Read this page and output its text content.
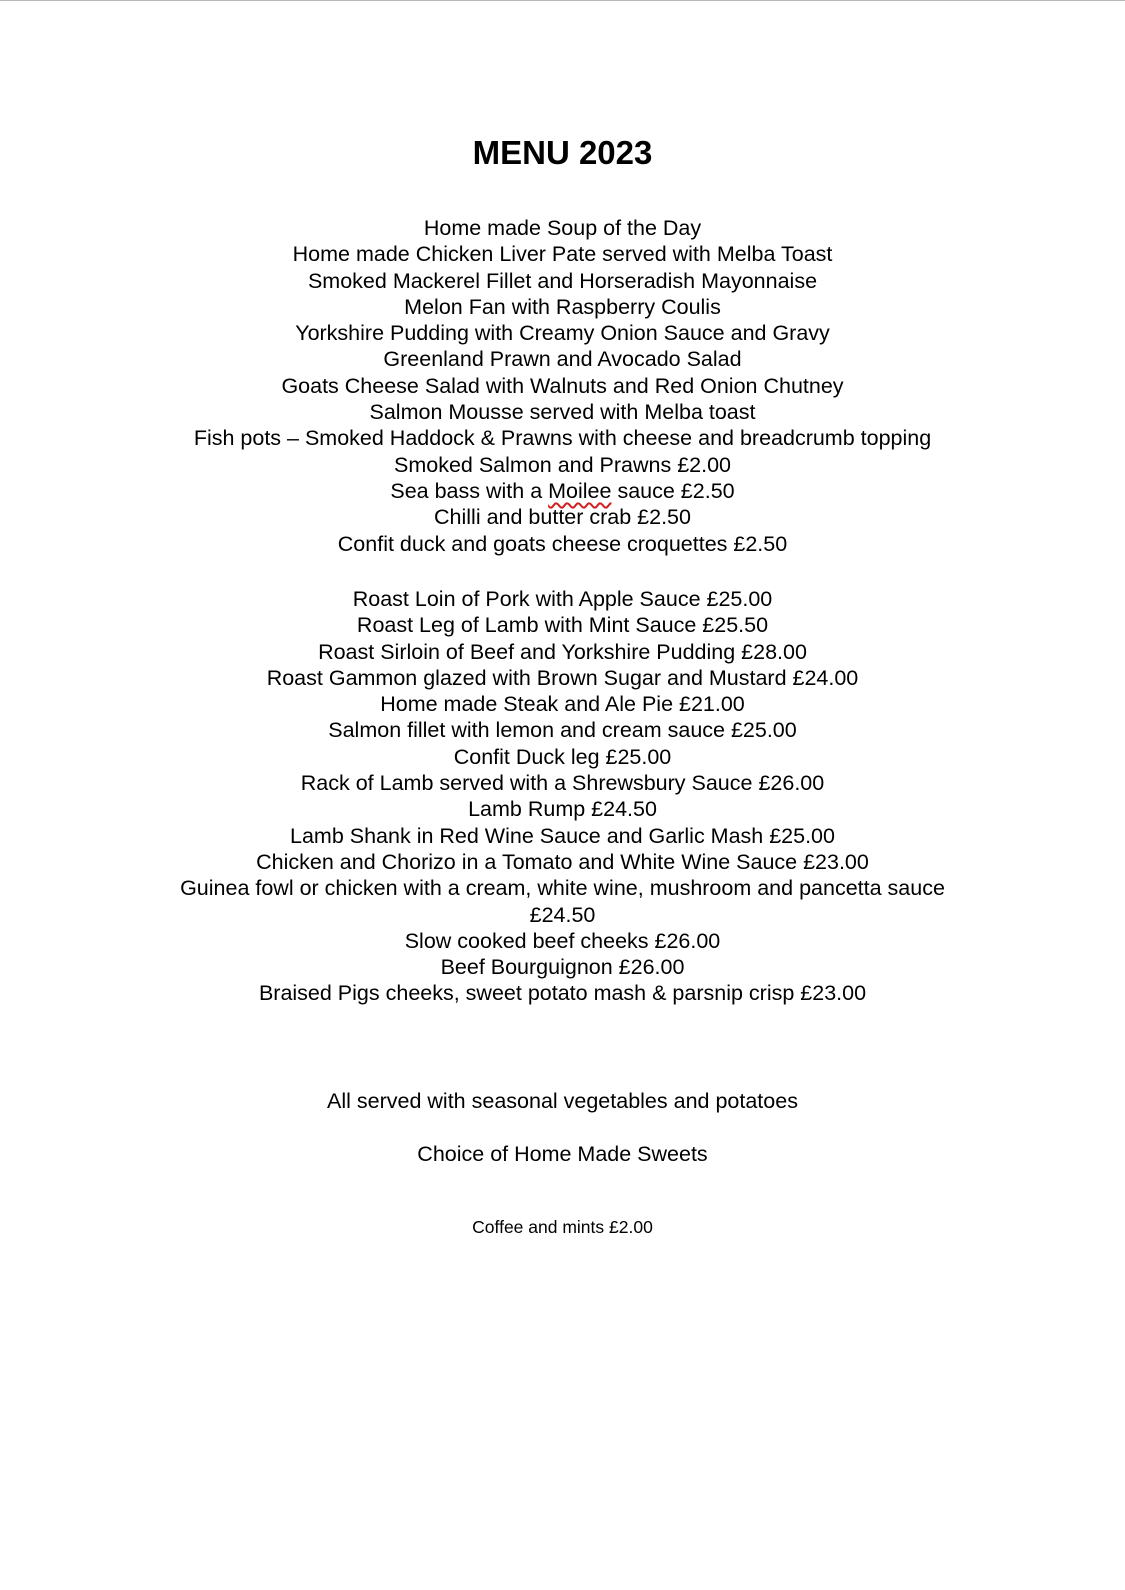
MENU 2023
Home made Soup of the Day
Home made Chicken Liver Pate served with Melba Toast
Smoked Mackerel Fillet and Horseradish Mayonnaise
Melon Fan with Raspberry Coulis
Yorkshire Pudding with Creamy Onion Sauce and Gravy
Greenland Prawn and Avocado Salad
Goats Cheese Salad with Walnuts and Red Onion Chutney
Salmon Mousse served with Melba toast
Fish pots – Smoked Haddock & Prawns with cheese and breadcrumb topping
Smoked Salmon and Prawns £2.00
Sea bass with a Moilee sauce £2.50
Chilli and butter crab £2.50
Confit duck and goats cheese croquettes £2.50
Roast Loin of Pork with Apple Sauce £25.00
Roast Leg of Lamb with Mint Sauce £25.50
Roast Sirloin of Beef and Yorkshire Pudding £28.00
Roast Gammon glazed with Brown Sugar and Mustard £24.00
Home made Steak and Ale Pie £21.00
Salmon fillet with lemon and cream sauce £25.00
Confit Duck leg £25.00
Rack of Lamb served with a Shrewsbury Sauce £26.00
Lamb Rump £24.50
Lamb Shank in Red Wine Sauce and Garlic Mash £25.00
Chicken and Chorizo in a Tomato and White Wine Sauce £23.00
Guinea fowl or chicken with a cream, white wine, mushroom and pancetta sauce £24.50
Slow cooked beef cheeks £26.00
Beef Bourguignon £26.00
Braised Pigs cheeks, sweet potato mash & parsnip crisp £23.00

All served with seasonal vegetables and potatoes

Choice of Home Made Sweets

Coffee and mints £2.00
